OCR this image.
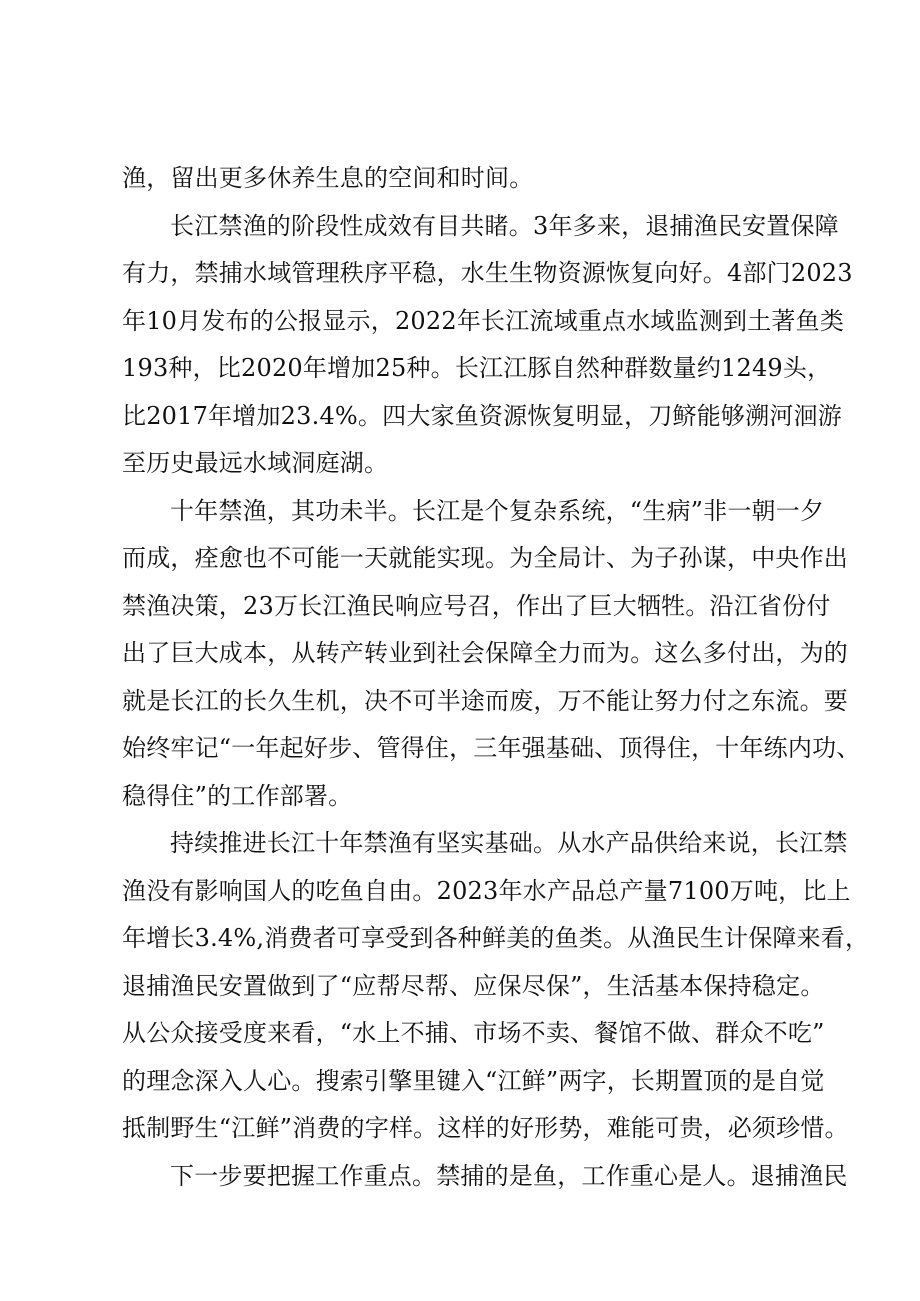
渔，留出更多休养生息的空间和时间。
长江禁渔的阶段性成效有目共睹。3年多来，退捕渔民安置保障
有力，禁捕水域管理秩序平稳，水生生物资源恢复向好。4部门2023
年10月发布的公报显示，2022年长江流域重点水域监测到土著鱼类
193种，比2020年增加25种。长江江豚自然种群数量约1249头，
比2017年增加23.4%。四大家鱼资源恢复明显，刀鲚能够溯河洄游
至历史最远水域洞庭湖。
十年禁渔，其功未半。长江是个复杂系统，“生病”非一朝一夕
而成，痊愈也不可能一天就能实现。为全局计、为子孙谋，中央作出
禁渔决策，23万长江渔民响应号召，作出了巨大牺牲。沿江省份付
出了巨大成本，从转产转业到社会保障全力而为。这么多付出，为的
就是长江的长久生机，决不可半途而废，万不能让努力付之东流。要
始终牢记“一年起好步、管得住，三年强基础、顶得住，十年练内功、
稳得住”的工作部署。
持续推进长江十年禁渔有坚实基础。从水产品供给来说，长江禁
渔没有影响国人的吃鱼自由。2023年水产品总产量7100万吨，比上
年增长3.4%,消费者可享受到各种鲜美的鱼类。从渔民生计保障来看，
退捕渔民安置做到了“应帮尽帮、应保尽保”，生活基本保持稳定。
从公众接受度来看，“水上不捕、市场不卖、餐馆不做、群众不吃”
的理念深入人心。搜索引擎里键入“江鲜”两字，长期置顶的是自觉
抵制野生“江鲜”消费的字样。这样的好形势，难能可贵，必须珍惜。
下一步要把握工作重点。禁捕的是鱼，工作重心是人。退捕渔民
